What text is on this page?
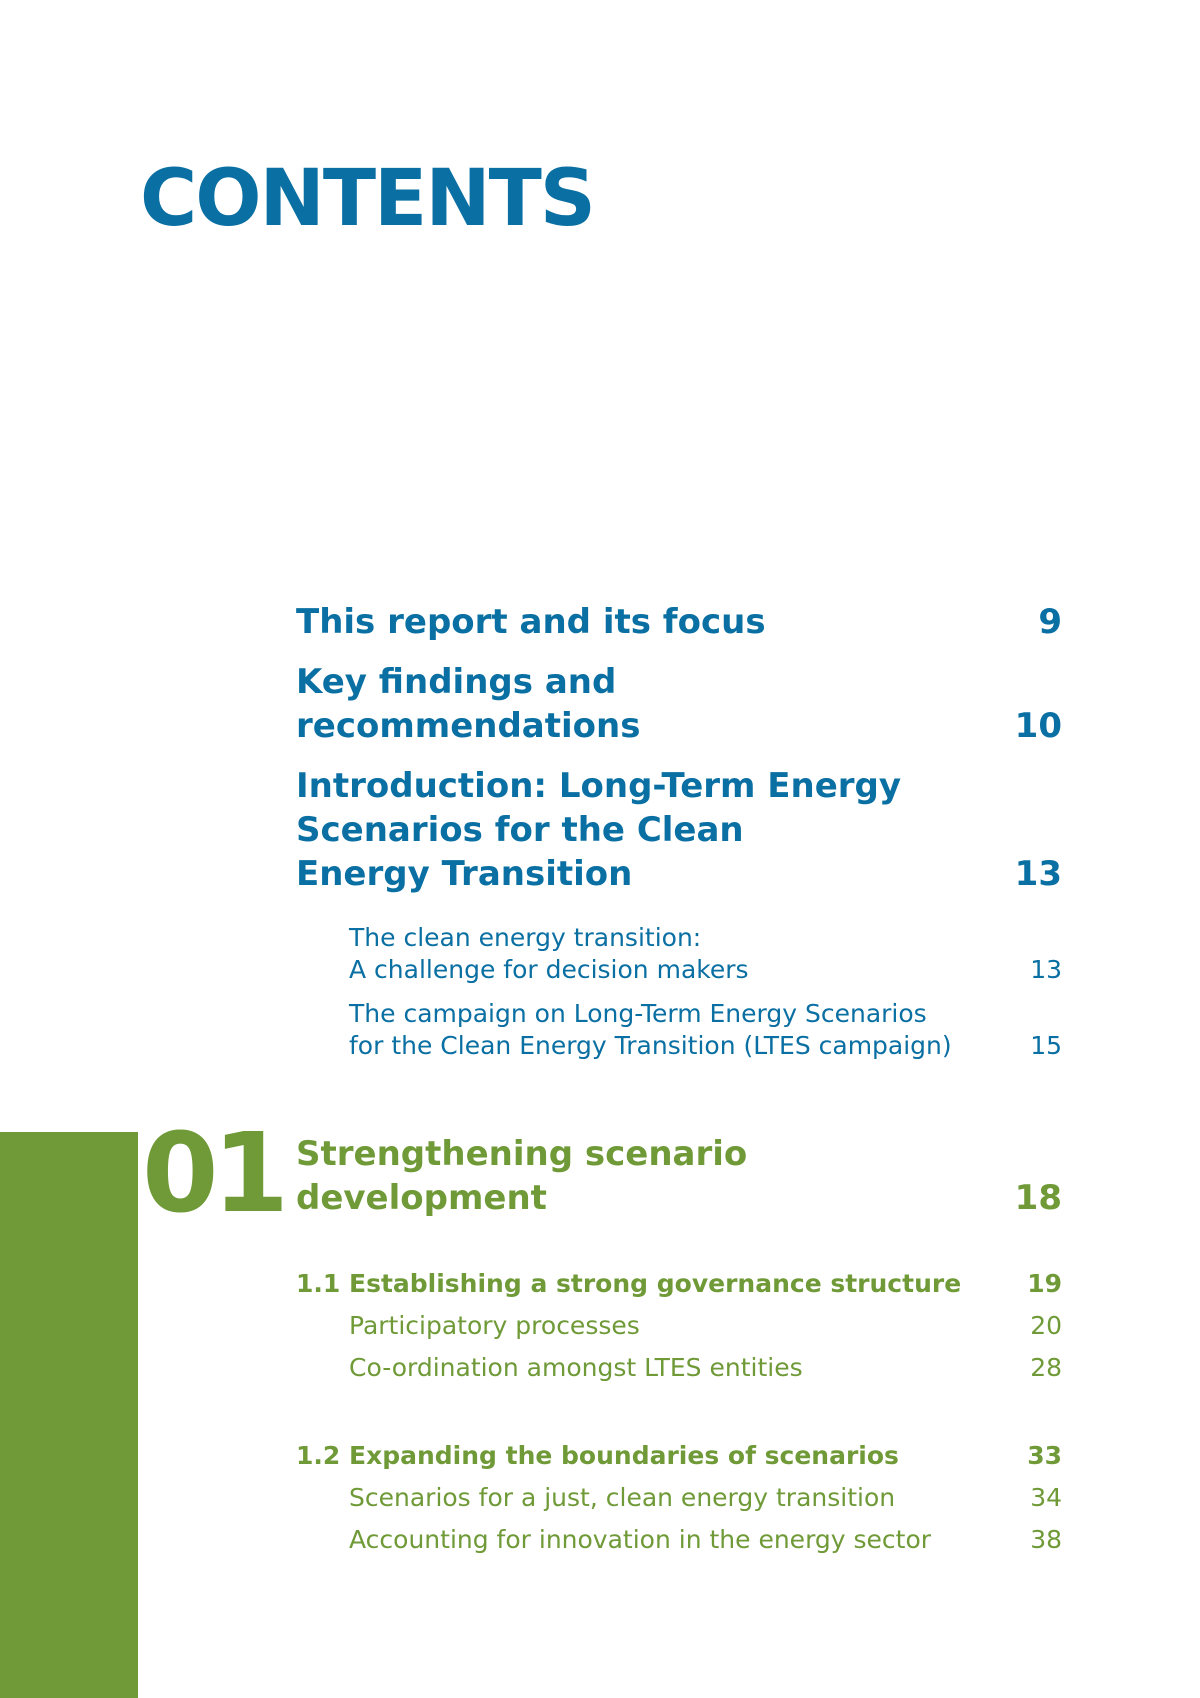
CONTENTS
This report and its focus	9
Key findings and
recommendations	10
Introduction: Long-Term Energy
Scenarios for the Clean
Energy Transition	13
The clean energy transition:
A challenge for decision makers	13
The campaign on Long-Term Energy Scenarios
for the Clean Energy Transition (LTES campaign)	15
01 Strengthening scenario
development	18
1.1 Establishing a strong governance structure	19
Participatory processes	20
Co-ordination amongst LTES entities	28
1.2 Expanding the boundaries of scenarios	33
Scenarios for a just, clean energy transition	34
Accounting for innovation in the energy sector	38
